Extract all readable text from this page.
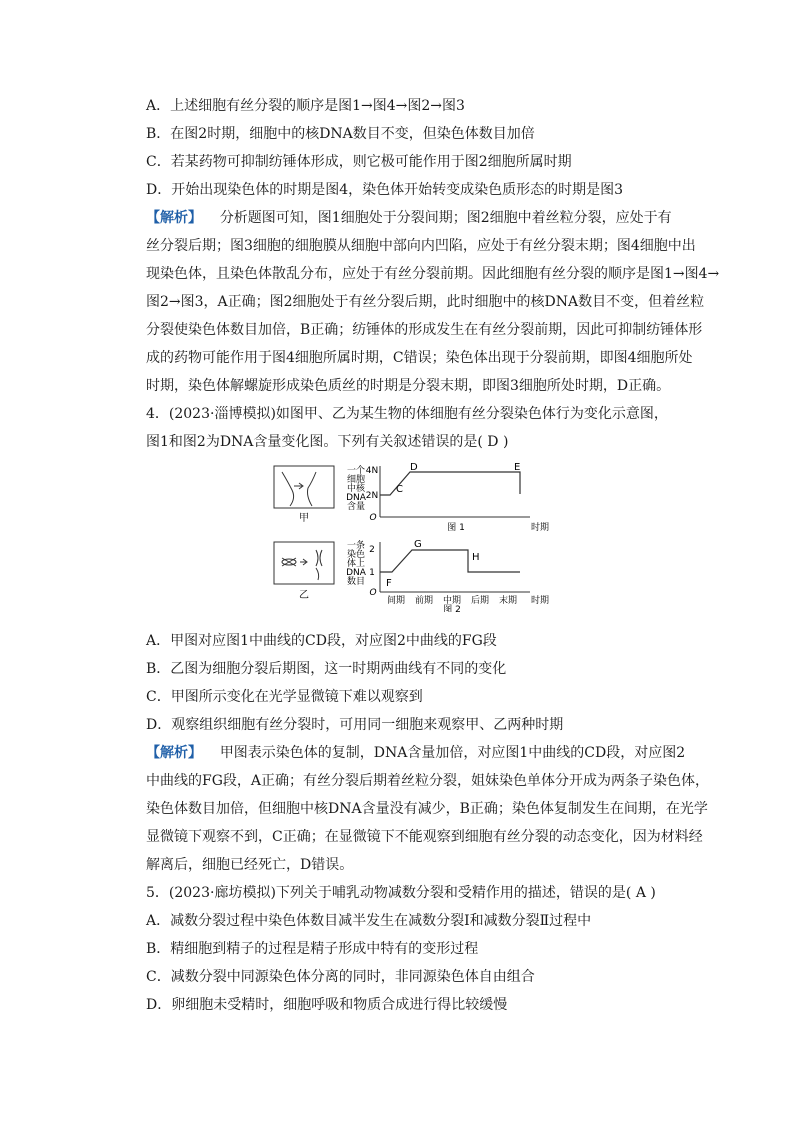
A．上述细胞有丝分裂的顺序是图1→图4→图2→图3
B．在图2时期，细胞中的核DNA数目不变，但染色体数目加倍
C．若某药物可抑制纺锤体形成，则它极可能作用于图2细胞所属时期
D．开始出现染色体的时期是图4，染色体开始转变成染色质形态的时期是图3
【解析】 分析题图可知，图1细胞处于分裂间期；图2细胞中着丝粒分裂，应处于有
丝分裂后期；图3细胞的细胞膜从细胞中部向内凹陷，应处于有丝分裂末期；图4细胞中出
现染色体，且染色体散乱分布，应处于有丝分裂前期。因此细胞有丝分裂的顺序是图1→图4→
图2→图3，A正确；图2细胞处于有丝分裂后期，此时细胞中的核DNA数目不变，但着丝粒
分裂使染色体数目加倍，B正确；纺锤体的形成发生在有丝分裂前期，因此可抑制纺锤体形
成的药物可能作用于图4细胞所属时期，C错误；染色体出现于分裂前期，即图4细胞所处
时期，染色体解螺旋形成染色质丝的时期是分裂末期，即图3细胞所处时期，D正确。
4．(2023·淄博模拟)如图甲、乙为某生物的体细胞有丝分裂染色体行为变化示意图，
图1和图2为DNA含量变化图。下列有关叙述错误的是( D )
甲
乙
一个
细胞
中核
DNA
含量
4N
2N
O
C
D	E
图 1	时期
一条
染色
体上
DNA
数目
2
1
O
G
H
F
间期 前期 中期 后期 末期 时期
图 2
A．甲图对应图1中曲线的CD段，对应图2中曲线的FG段
B．乙图为细胞分裂后期图，这一时期两曲线有不同的变化
C．甲图所示变化在光学显微镜下难以观察到
D．观察组织细胞有丝分裂时，可用同一细胞来观察甲、乙两种时期
【解析】 甲图表示染色体的复制，DNA含量加倍，对应图1中曲线的CD段，对应图2
中曲线的FG段，A正确；有丝分裂后期着丝粒分裂，姐妹染色单体分开成为两条子染色体，
染色体数目加倍，但细胞中核DNA含量没有减少，B正确；染色体复制发生在间期，在光学
显微镜下观察不到，C正确；在显微镜下不能观察到细胞有丝分裂的动态变化，因为材料经
解离后，细胞已经死亡，D错误。
5．(2023·廊坊模拟)下列关于哺乳动物减数分裂和受精作用的描述，错误的是( A )
A．减数分裂过程中染色体数目减半发生在减数分裂Ⅰ和减数分裂Ⅱ过程中
B．精细胞到精子的过程是精子形成中特有的变形过程
C．减数分裂中同源染色体分离的同时，非同源染色体自由组合
D．卵细胞未受精时，细胞呼吸和物质合成进行得比较缓慢
